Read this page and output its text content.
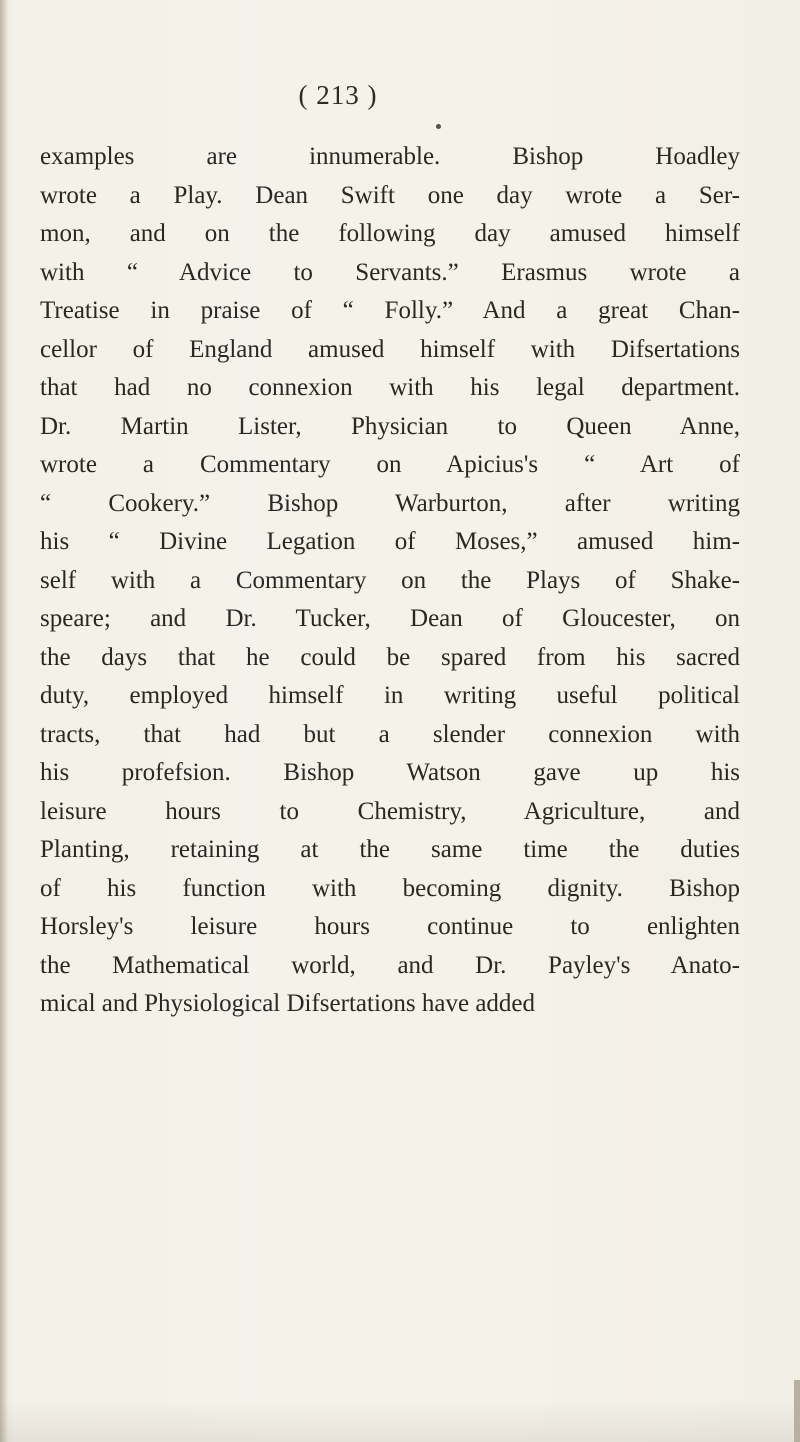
( 213 )
examples are innumerable. Bishop Hoadley
wrote a Play. Dean Swift one day wrote a Ser-
mon, and on the following day amused himself
with “ Advice to Servants.” Erasmus wrote a
Treatise in praise of “ Folly.” And a great Chan-
cellor of England amused himself with Difsertations
that had no connexion with his legal department.
Dr. Martin Lister, Physician to Queen Anne,
wrote a Commentary on Apicius's “ Art of
“ Cookery.” Bishop Warburton, after writing
his “ Divine Legation of Moses,” amused him-
self with a Commentary on the Plays of Shake-
speare; and Dr. Tucker, Dean of Gloucester, on
the days that he could be spared from his sacred
duty, employed himself in writing useful political
tracts, that had but a slender connexion with
his profefsion. Bishop Watson gave up his
leisure hours to Chemistry, Agriculture, and
Planting, retaining at the same time the duties
of his function with becoming dignity. Bishop
Horsley's leisure hours continue to enlighten
the Mathematical world, and Dr. Payley's Anato-
mical and Physiological Difsertations have added
